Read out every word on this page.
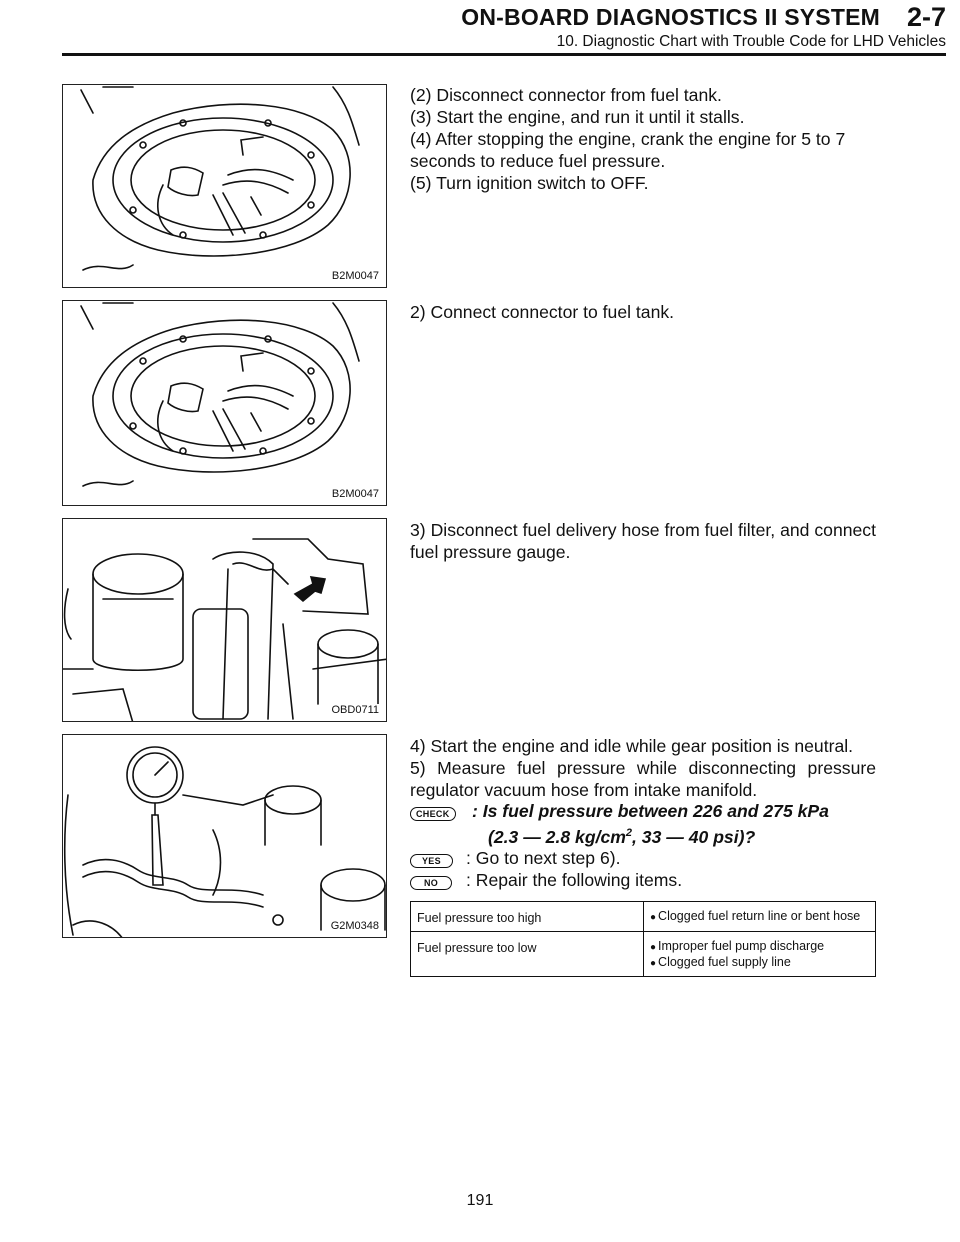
ON-BOARD DIAGNOSTICS II SYSTEM 2-7
10. Diagnostic Chart with Trouble Code for LHD Vehicles
B2M0047
B2M0047
OBD0711
G2M0348

(2) Disconnect connector from fuel tank.

(3) Start the engine, and run it until it stalls.

(4) After stopping the engine, crank the engine for 5 to 7 seconds to reduce fuel pressure.

(5) Turn ignition switch to OFF.

2) Connect connector to fuel tank.

3) Disconnect fuel delivery hose from fuel filter, and connect fuel pressure gauge.

4) Start the engine and idle while gear position is neutral.

5) Measure fuel pressure while disconnecting pressure regulator vacuum hose from intake manifold.

CHECK	: Is fuel pressure between 226 and 275 kPa
(2.3 — 2.8 $kg/cm^2$, 33 — 40 psi)?
YES	: Go to next step 6).
NO	: Repair the following items.
Fuel pressure too high	● Clogged fuel return line or bent hose

Fuel pressure too low	● Improper fuel pump discharge
● Clogged fuel supply line
191
